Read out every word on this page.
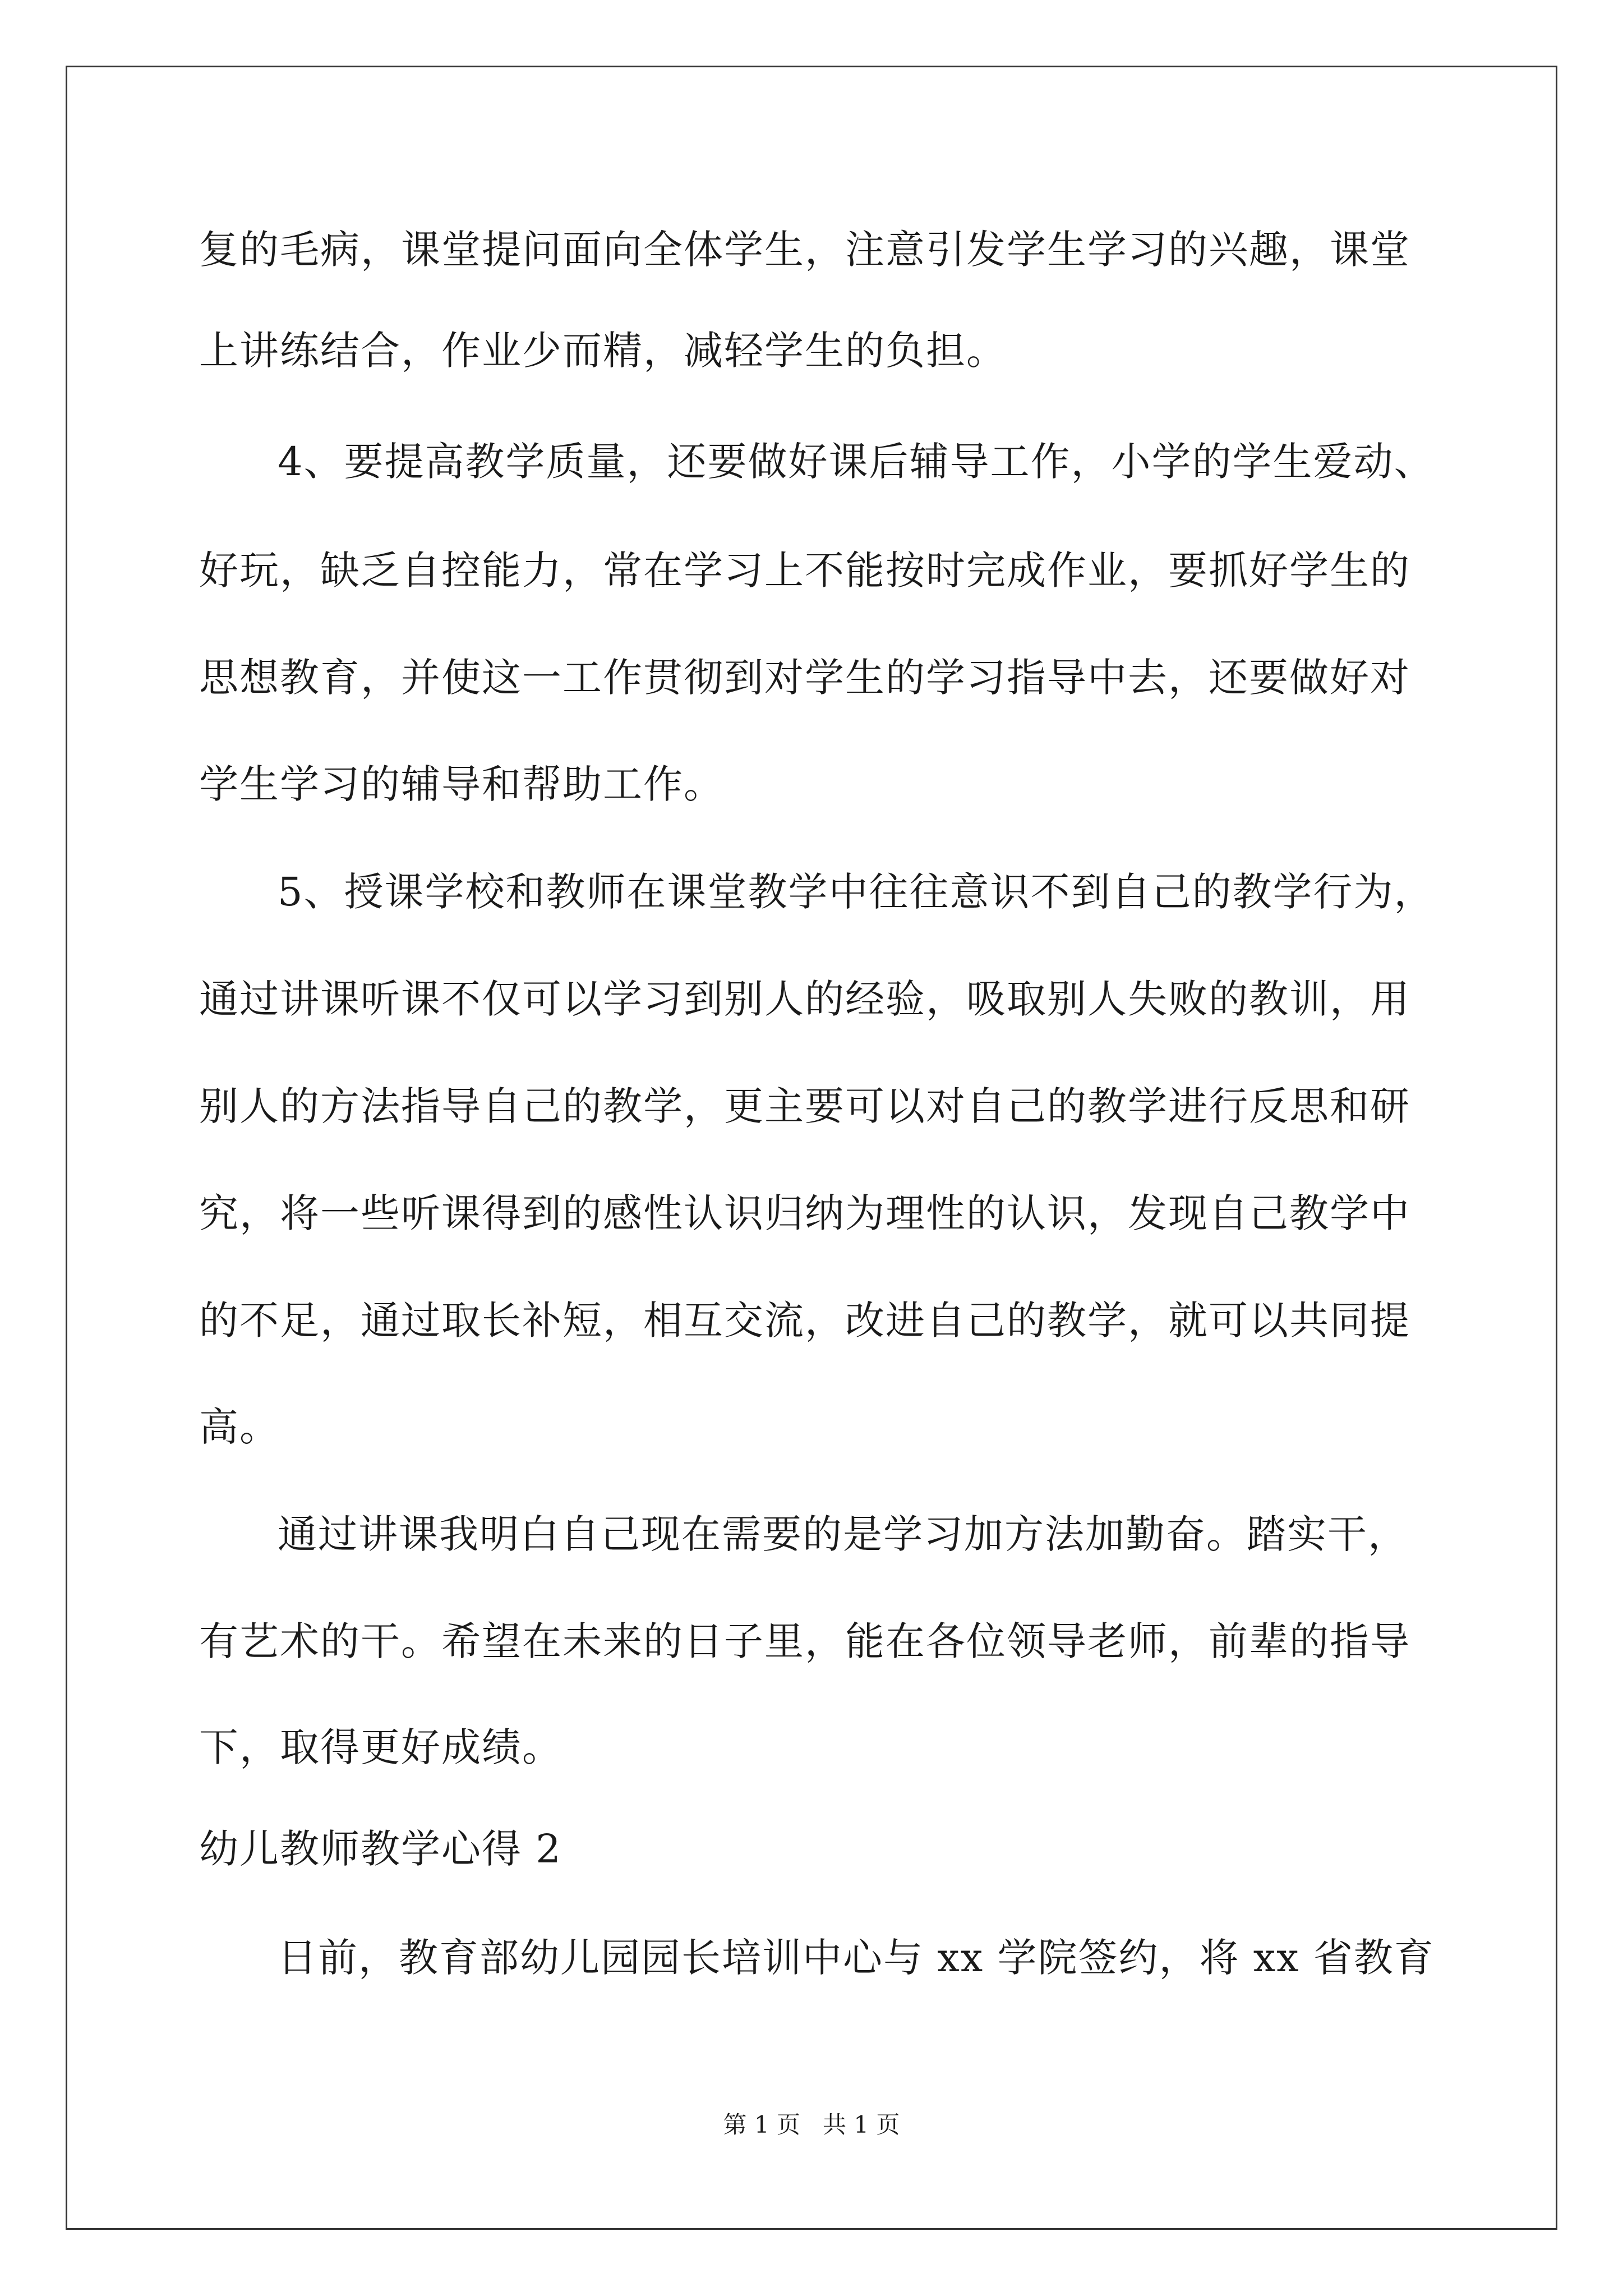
复的毛病，课堂提问面向全体学生，注意引发学生学习的兴趣，课堂
上讲练结合，作业少而精，减轻学生的负担。
4、要提高教学质量，还要做好课后辅导工作，小学的学生爱动、
好玩，缺乏自控能力，常在学习上不能按时完成作业，要抓好学生的
思想教育，并使这一工作贯彻到对学生的学习指导中去，还要做好对
学生学习的辅导和帮助工作。
5、授课学校和教师在课堂教学中往往意识不到自己的教学行为，
通过讲课听课不仅可以学习到别人的经验，吸取别人失败的教训，用
别人的方法指导自己的教学，更主要可以对自己的教学进行反思和研
究，将一些听课得到的感性认识归纳为理性的认识，发现自己教学中
的不足，通过取长补短，相互交流，改进自己的教学，就可以共同提
高。
通过讲课我明白自己现在需要的是学习加方法加勤奋。踏实干，
有艺术的干。希望在未来的日子里，能在各位领导老师，前辈的指导
下，取得更好成绩。
幼儿教师教学心得 2
日前，教育部幼儿园园长培训中心与 xx 学院签约，将 xx 省教育
第 1 页   共 1 页
